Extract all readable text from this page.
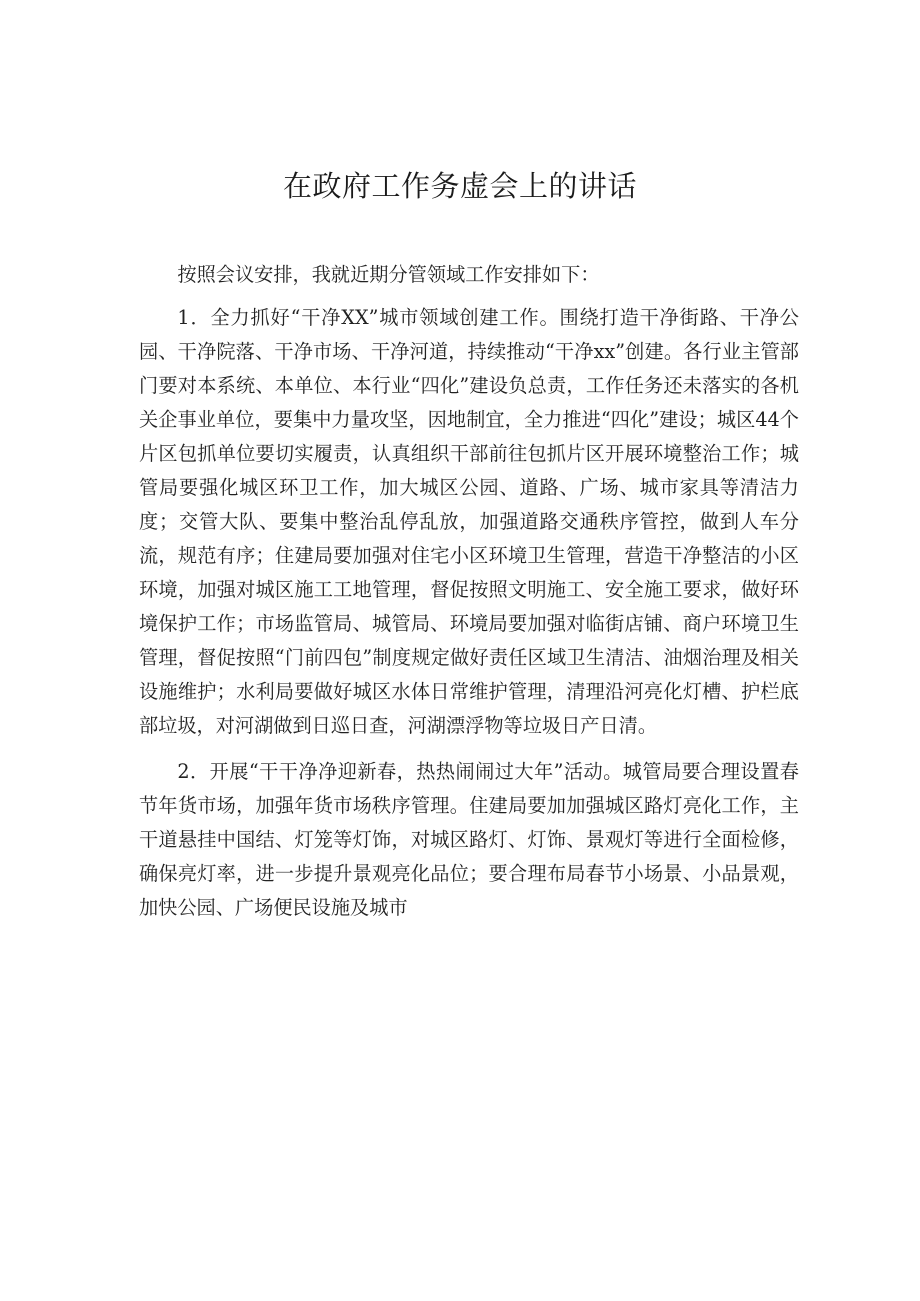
在政府工作务虚会上的讲话

按照会议安排，我就近期分管领域工作安排如下：

1．全力抓好“干净XX”城市领域创建工作。围绕打造干净街路、干净公园、干净院落、干净市场、干净河道，持续推动“干净xx”创建。各行业主管部门要对本系统、本单位、本行业“四化”建设负总责，工作任务还未落实的各机关企事业单位，要集中力量攻坚，因地制宜，全力推进“四化”建设；城区44个片区包抓单位要切实履责，认真组织干部前往包抓片区开展环境整治工作；城管局要强化城区环卫工作，加大城区公园、道路、广场、城市家具等清洁力度；交管大队、要集中整治乱停乱放，加强道路交通秩序管控，做到人车分流，规范有序；住建局要加强对住宅小区环境卫生管理，营造干净整洁的小区环境，加强对城区施工工地管理，督促按照文明施工、安全施工要求，做好环境保护工作；市场监管局、城管局、环境局要加强对临街店铺、商户环境卫生管理，督促按照“门前四包”制度规定做好责任区域卫生清洁、油烟治理及相关设施维护；水利局要做好城区水体日常维护管理，清理沿河亮化灯槽、护栏底部垃圾，对河湖做到日巡日查，河湖漂浮物等垃圾日产日清。

2．开展“干干净净迎新春，热热闹闹过大年”活动。城管局要合理设置春节年货市场，加强年货市场秩序管理。住建局要加加强城区路灯亮化工作，主干道悬挂中国结、灯笼等灯饰，对城区路灯、灯饰、景观灯等进行全面检修，确保亮灯率，进一步提升景观亮化品位；要合理布局春节小场景、小品景观，加快公园、广场便民设施及城市
